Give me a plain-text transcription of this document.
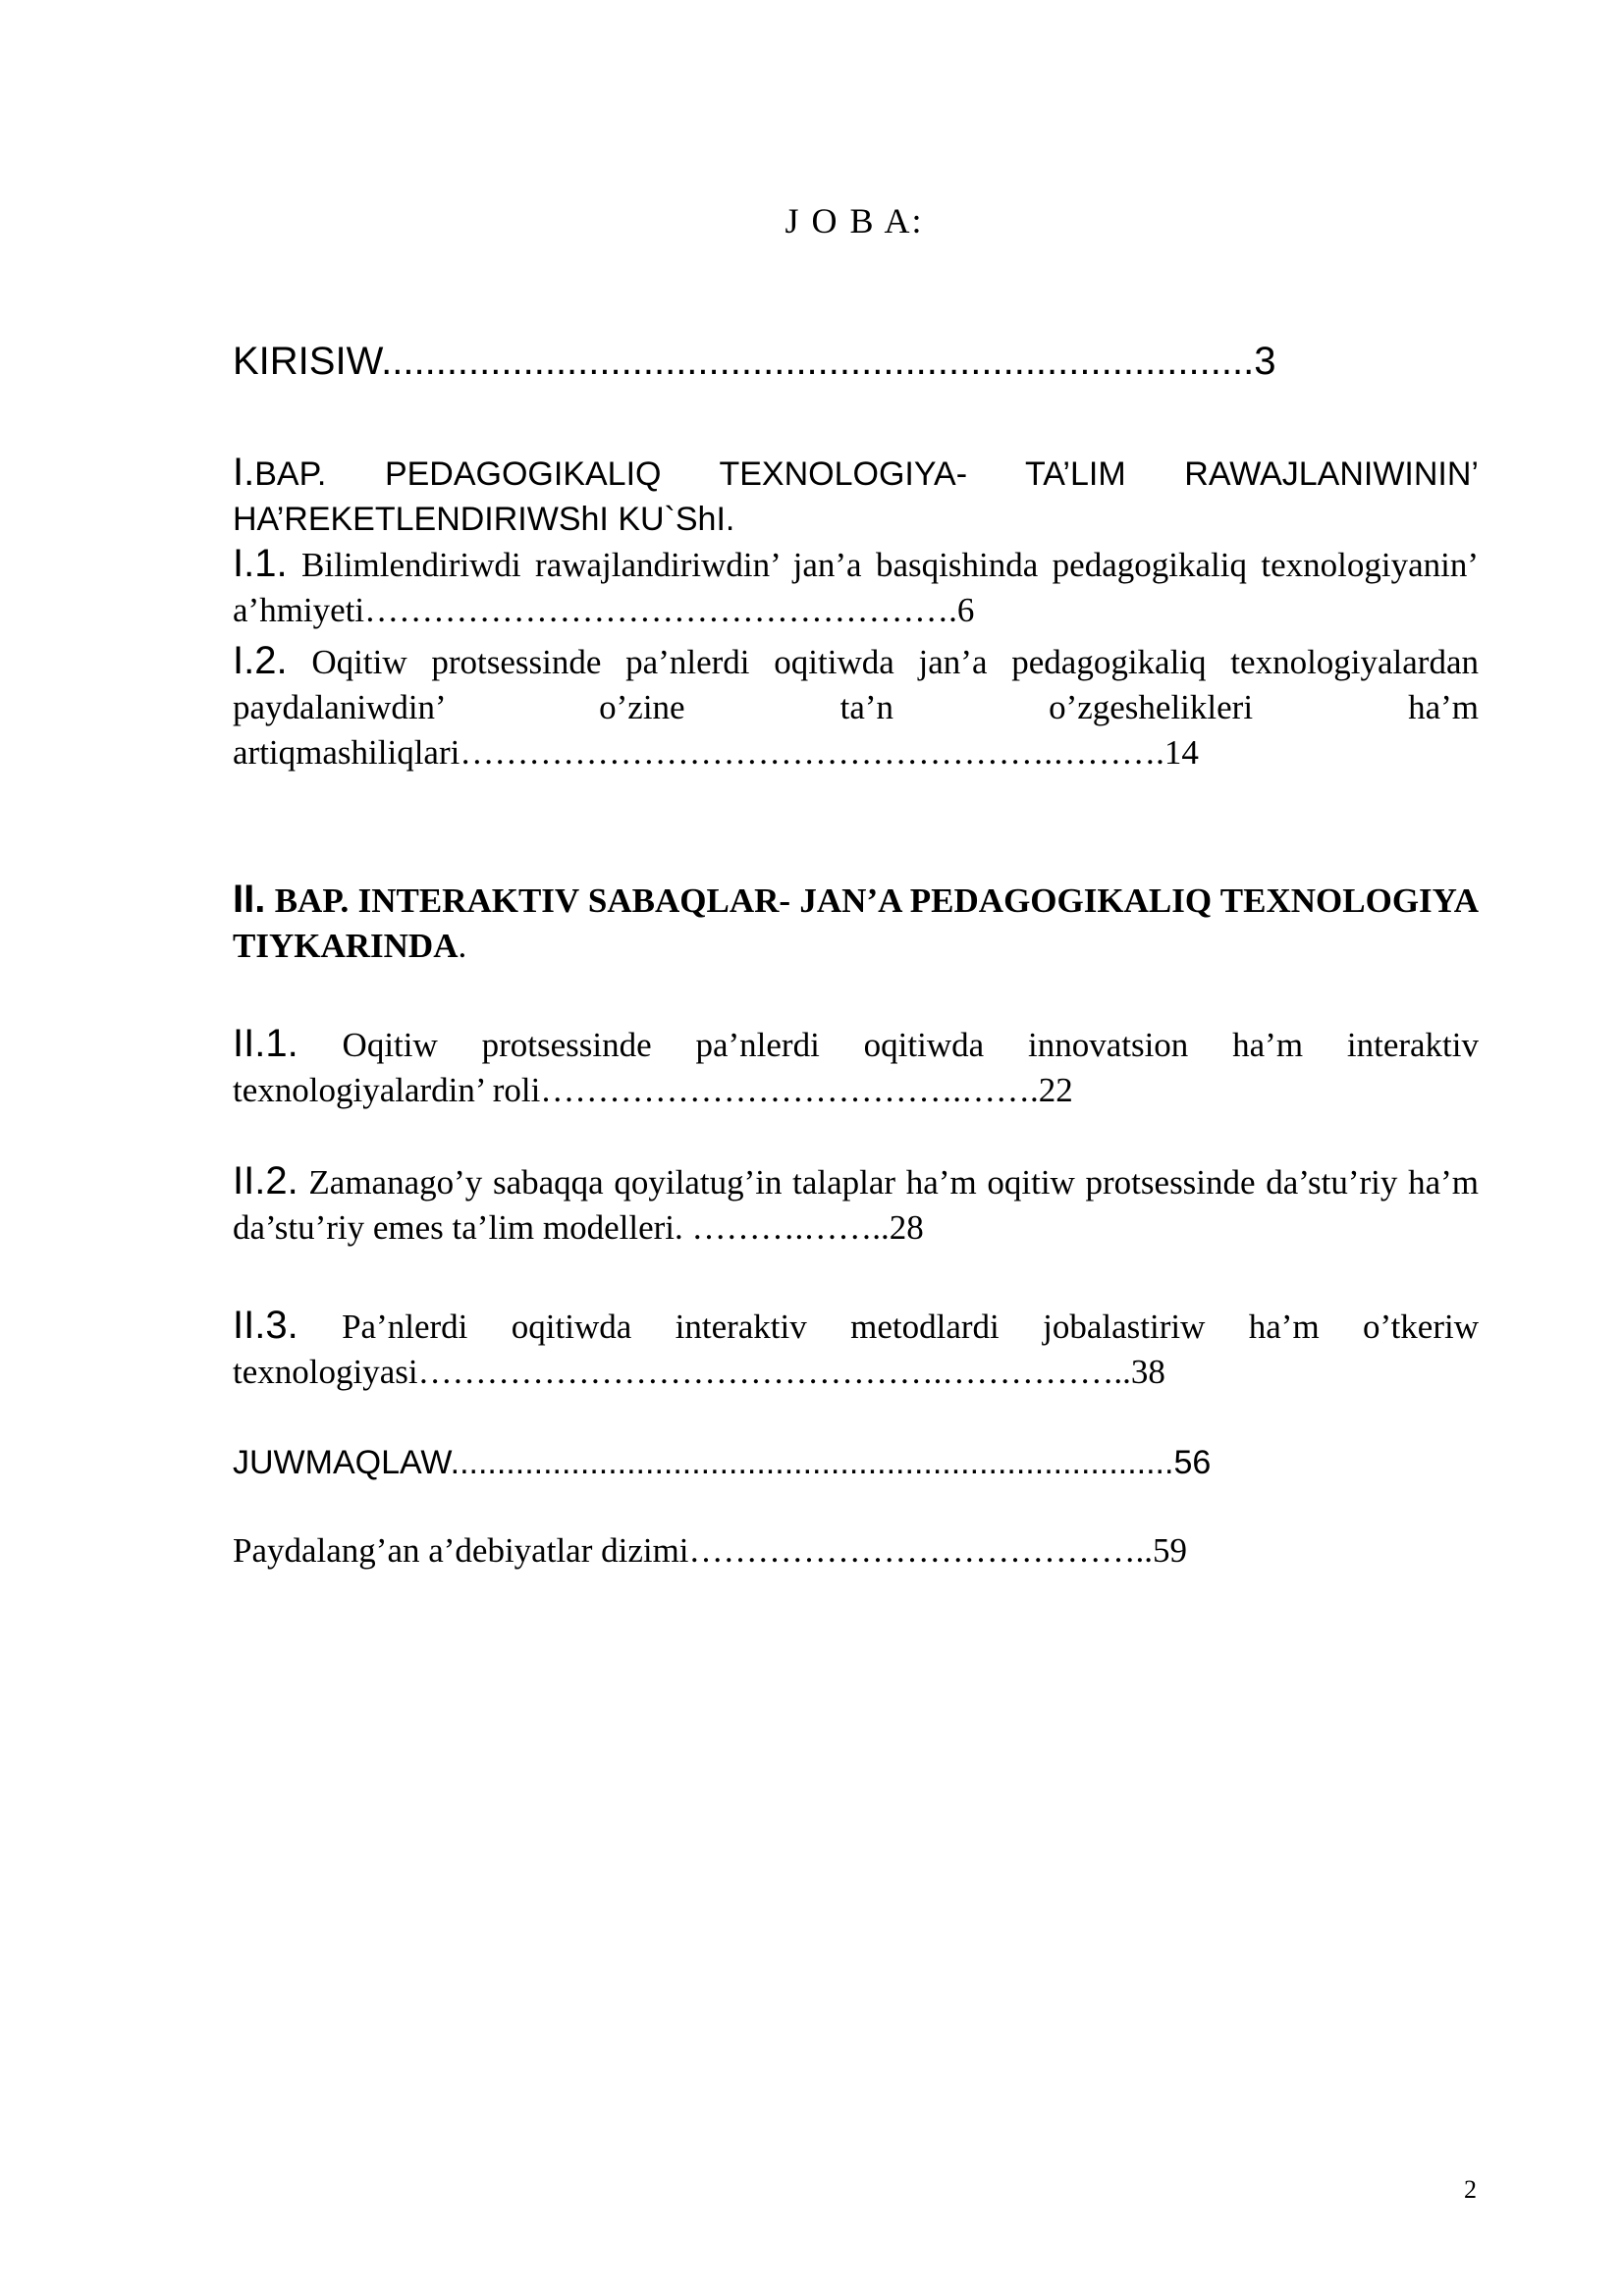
J O B A:
KIRISIW................................................................................3
I.BAP. PEDAGOGIKALIQ TEXNOLOGIYA- TA’LIM RAWAJLANIWININ’ HA’REKETLENDIRIWShI KU`ShI.
I.1. Bilimlendiriwdi rawajlandiriwdin’ jan’a basqishinda pedagogikaliq texnologiyanin’ a’hmiyeti…………………………………………….6
I.2. Oqitiw protsessinde pa’nlerdi oqitiwda jan’a pedagogikaliq texnologiyalardan paydalaniwdin’ o’zine ta’n o’zgeshelikleri ha’m artiqmashiliqlari…………………………………………….……….14
II. BAP. INTERAKTIV SABAQLAR- JAN’A PEDAGOGIKALIQ TEXNOLOGIYA TIYKARINDA.
II.1. Oqitiw protsessinde pa’nlerdi oqitiwda innovatsion ha’m interaktiv texnologiyalardin’ roli……………………………….…….22
II.2. Zamanago’y sabaqqa qoyilatug’in talaplar ha’m oqitiw protsessinde da’stu’riy ha’m da’stu’riy emes ta’lim modelleri. ……….……..28
II.3. Pa’nlerdi oqitiwda interaktiv metodlardi jobalastiriw ha’m o’tkeriw texnologiyasi……………………………………….……………..38
JUWMAQLAW..............................................................................56
Paydalang’an a’debiyatlar dizimi…………………………………..59
2
